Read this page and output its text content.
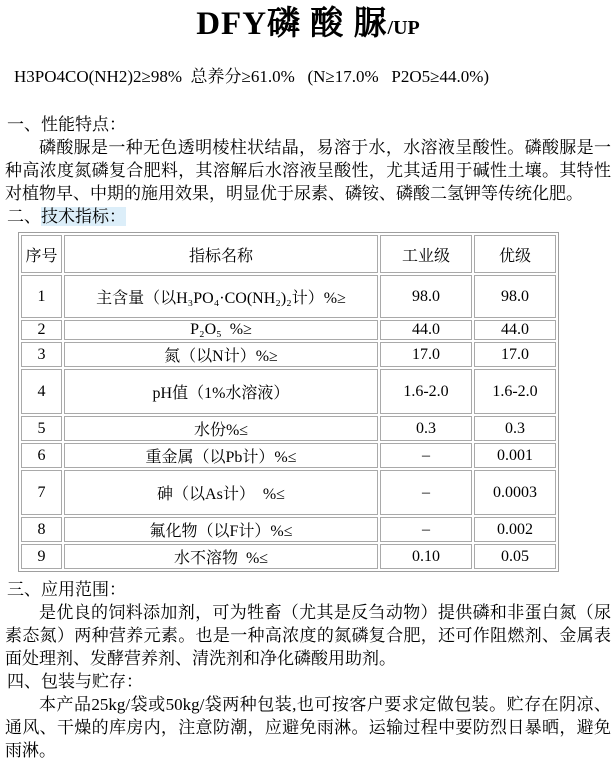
DFY磷 酸 脲/UP
H3PO4CO(NH2)2≥98%  总养分≥61.0%   (N≥17.0%   P2O5≥44.0%)
一、性能特点：

磷酸脲是一种无色透明棱柱状结晶，易溶于水，水溶液呈酸性。磷酸脲是一种高浓度氮磷复合肥料，其溶解后水溶液呈酸性，尤其适用于碱性土壤。其特性对植物早、中期的施用效果，明显优于尿素、磷铵、磷酸二氢钾等传统化肥。

二、技术指标：
序号	指标名称	工业级	优级
1	主含量（以H₃PO₄·CO(NH₂)₂计）%≥	98.0	98.0
2	P₂O₅  %≥	44.0	44.0
3	氮（以N计）%≥	17.0	17.0
4	pH值（1%水溶液）	1.6-2.0	1.6-2.0
5	水份%≤	0.3	0.3
6	重金属（以Pb计）%≤	–	0.001
7	砷（以As计）  %≤	–	0.0003
8	氟化物（以F计）%≤	–	0.002
9	水不溶物  %≤	0.10	0.05
三、应用范围：

是优良的饲料添加剂，可为牲畜（尤其是反刍动物）提供磷和非蛋白氮（尿素态氮）两种营养元素。也是一种高浓度的氮磷复合肥，还可作阻燃剂、金属表面处理剂、发酵营养剂、清洗剂和净化磷酸用助剂。

四、包装与贮存：

本产品25kg/袋或50kg/袋两种包装,也可按客户要求定做包装。贮存在阴凉、通风、干燥的库房内，注意防潮，应避免雨淋。运输过程中要防烈日暴晒，避免雨淋。
